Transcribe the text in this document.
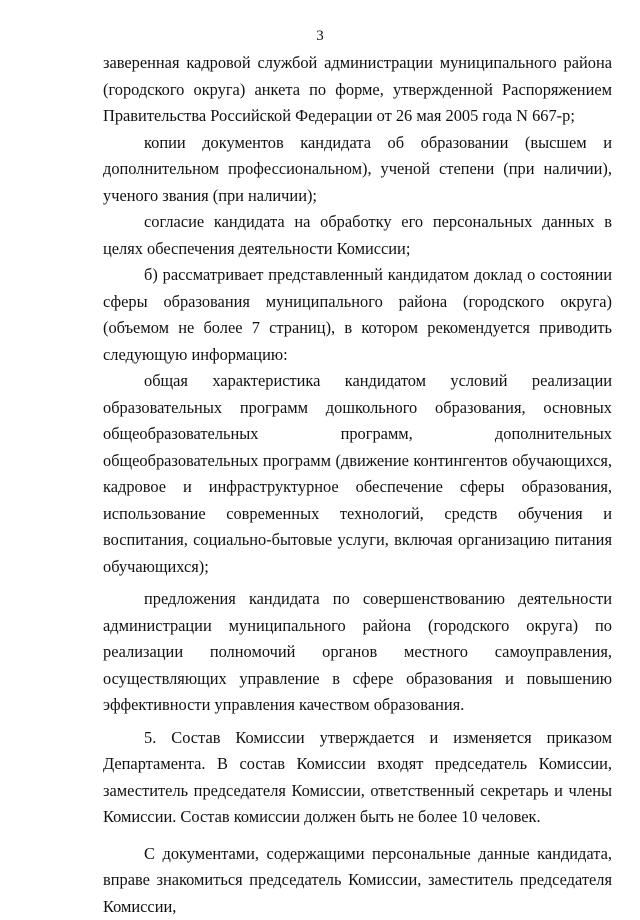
3

заверенная кадровой службой администрации муниципального района (городского округа) анкета по форме, утвержденной Распоряжением Правительства Российской Федерации от 26 мая 2005 года N 667-р;

копии документов кандидата об образовании (высшем и дополнительном профессиональном), ученой степени (при наличии), ученого звания (при наличии);

согласие кандидата на обработку его персональных данных в целях обеспечения деятельности Комиссии;

б) рассматривает представленный кандидатом доклад о состоянии сферы образования муниципального района (городского округа) (объемом не более 7 страниц), в котором рекомендуется приводить следующую информацию:

общая характеристика кандидатом условий реализации образовательных программ дошкольного образования, основных общеобразовательных программ, дополнительных общеобразовательных программ (движение контингентов обучающихся, кадровое и инфраструктурное обеспечение сферы образования, использование современных технологий, средств обучения и воспитания, социально-бытовые услуги, включая организацию питания обучающихся);

предложения кандидата по совершенствованию деятельности администрации муниципального района (городского округа) по реализации полномочий органов местного самоуправления, осуществляющих управление в сфере образования и повышению эффективности управления качеством образования.

5. Состав Комиссии утверждается и изменяется приказом Департамента. В состав Комиссии входят председатель Комиссии, заместитель председателя Комиссии, ответственный секретарь и члены Комиссии. Состав комиссии должен быть не более 10 человек.

С документами, содержащими персональные данные кандидата, вправе знакомиться председатель Комиссии, заместитель председателя Комиссии,
